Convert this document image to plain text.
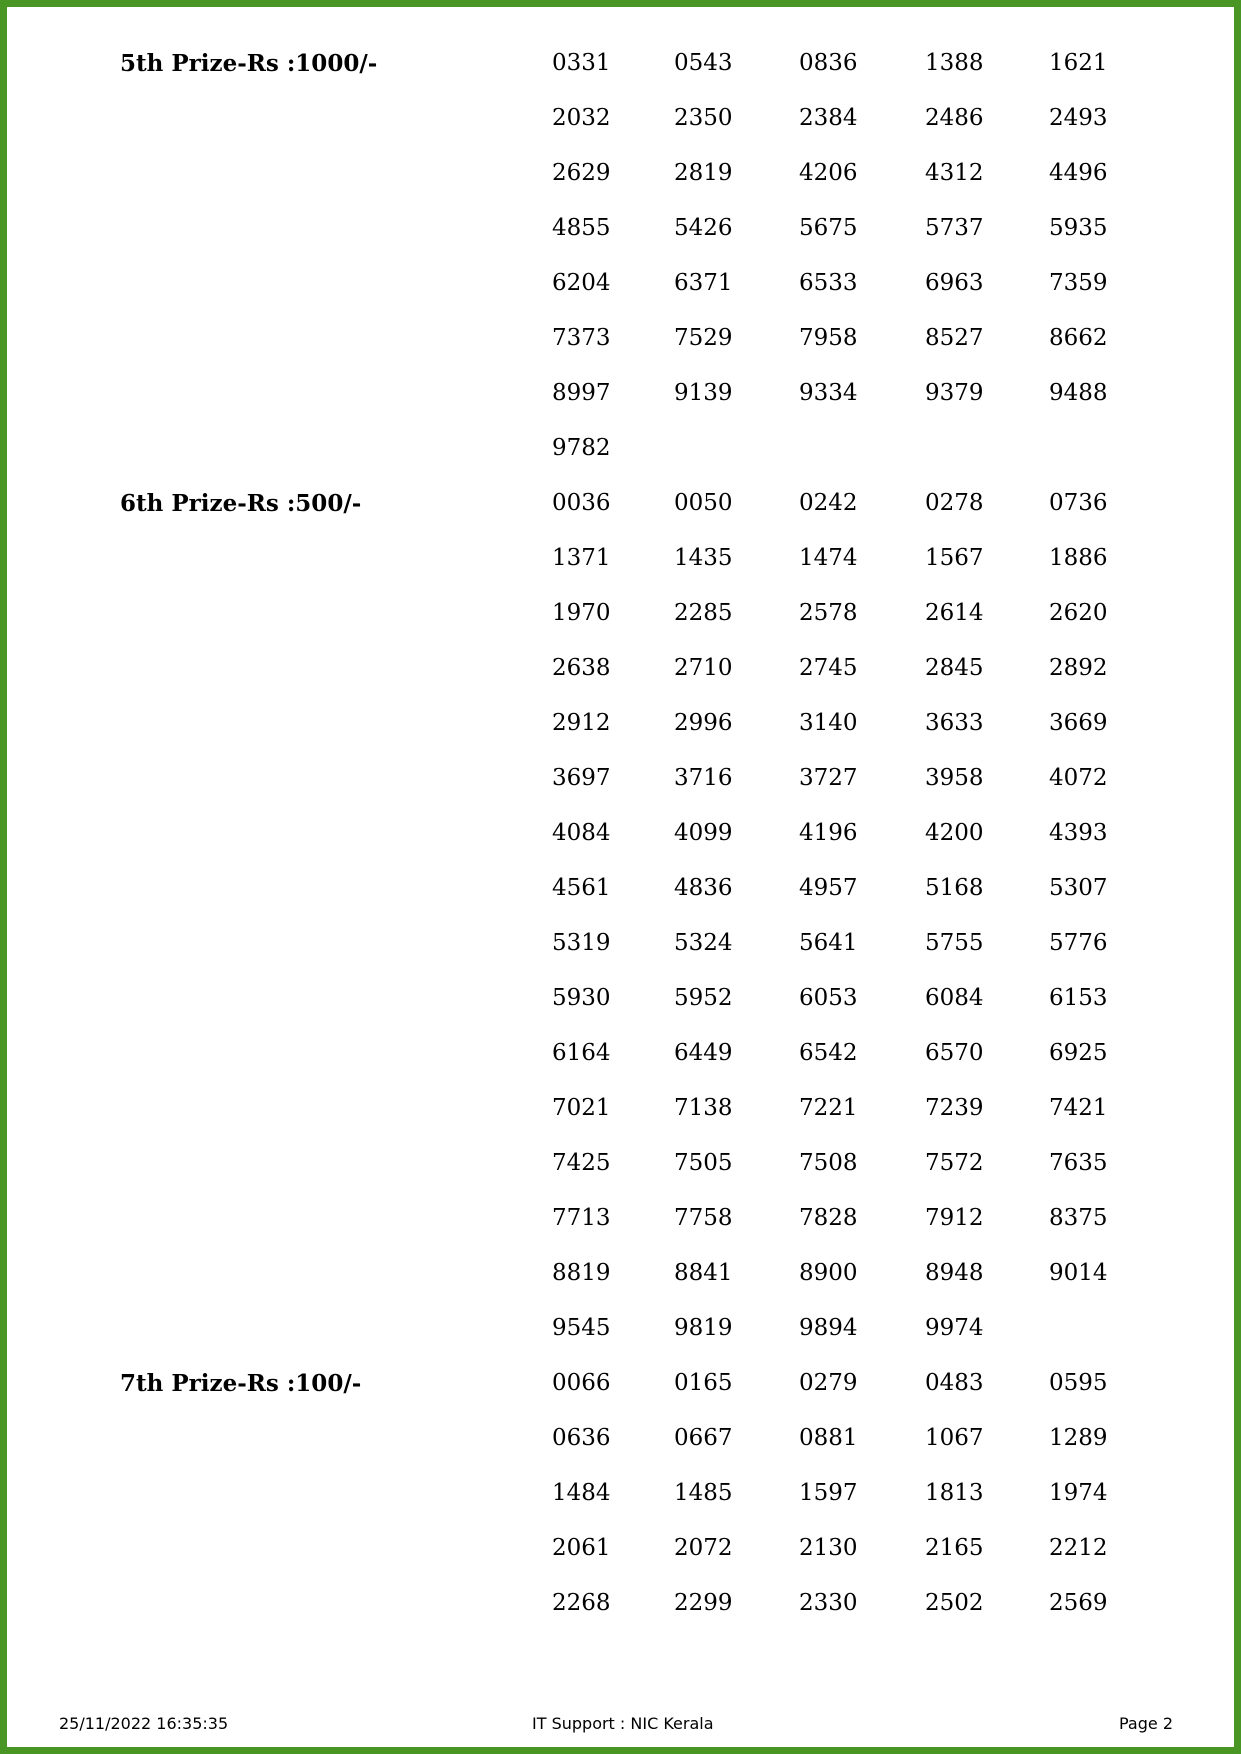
5th Prize-Rs :1000/-	0331	0543	0836	1388	1621
2032	2350	2384	2486	2493
2629	2819	4206	4312	4496
4855	5426	5675	5737	5935
6204	6371	6533	6963	7359
7373	7529	7958	8527	8662
8997	9139	9334	9379	9488
9782
6th Prize-Rs :500/-	0036	0050	0242	0278	0736
1371	1435	1474	1567	1886
1970	2285	2578	2614	2620
2638	2710	2745	2845	2892
2912	2996	3140	3633	3669
3697	3716	3727	3958	4072
4084	4099	4196	4200	4393
4561	4836	4957	5168	5307
5319	5324	5641	5755	5776
5930	5952	6053	6084	6153
6164	6449	6542	6570	6925
7021	7138	7221	7239	7421
7425	7505	7508	7572	7635
7713	7758	7828	7912	8375
8819	8841	8900	8948	9014
9545	9819	9894	9974
7th Prize-Rs :100/-	0066	0165	0279	0483	0595
0636	0667	0881	1067	1289
1484	1485	1597	1813	1974
2061	2072	2130	2165	2212
2268	2299	2330	2502	2569
25/11/2022 16:35:35	IT Support : NIC Kerala	Page 2
